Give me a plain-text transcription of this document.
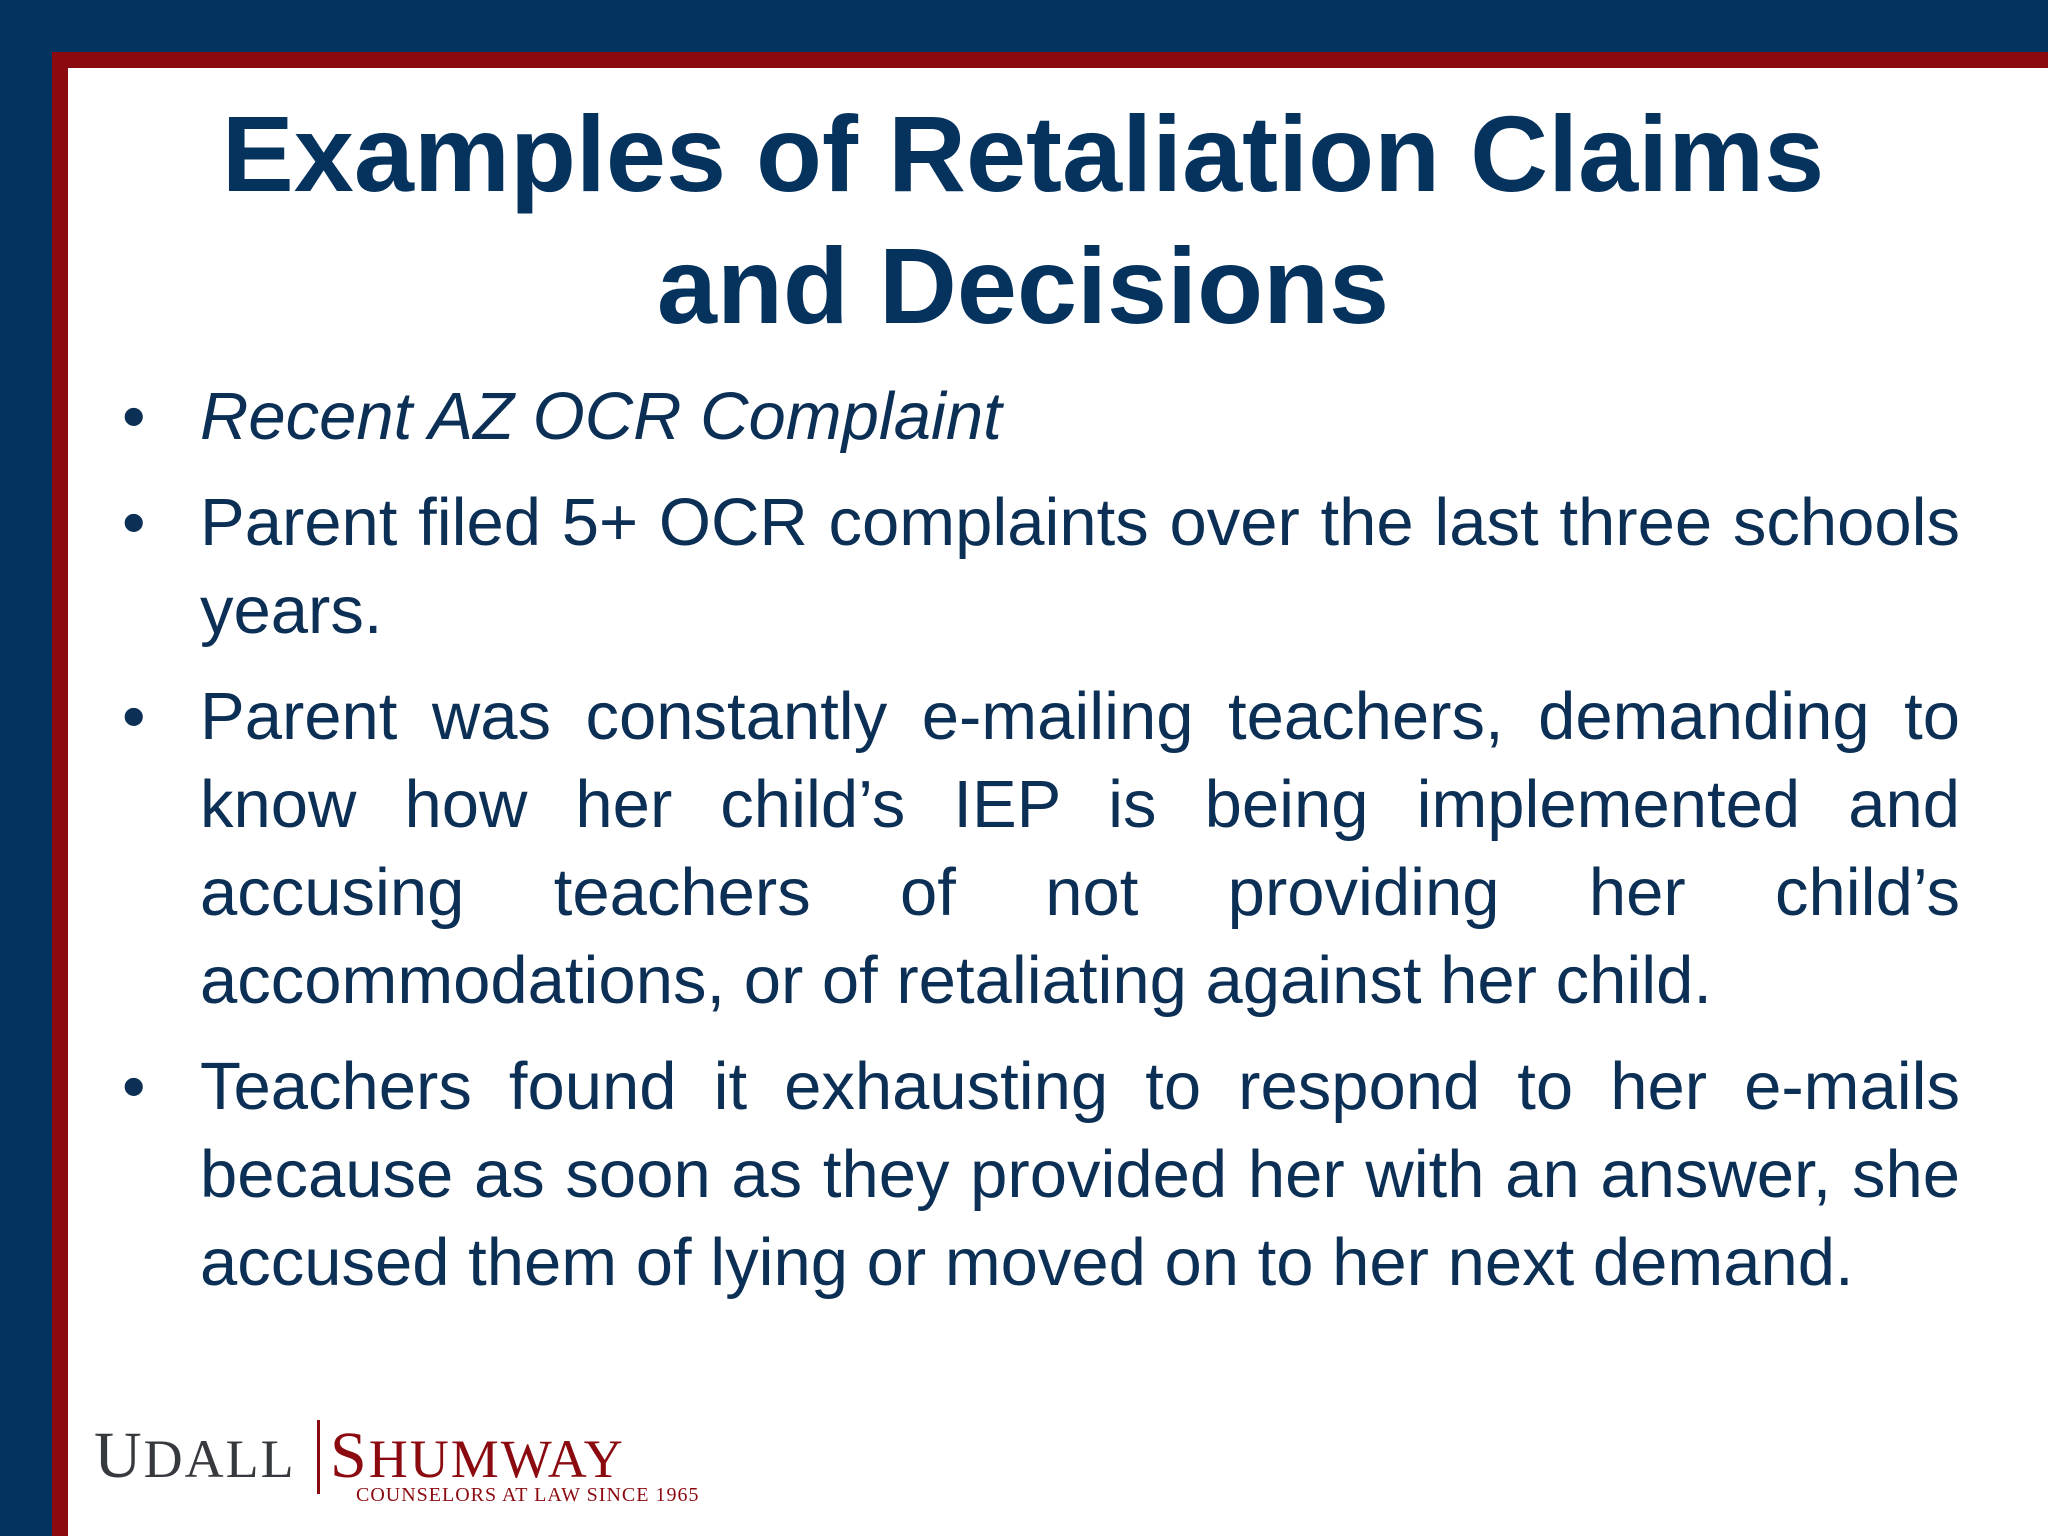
Examples of Retaliation Claims
and Decisions
• Recent AZ OCR Complaint
• Parent filed 5+ OCR complaints over the last three schools years.
• Parent was constantly e-mailing teachers, demanding to know how her child’s IEP is being implemented and accusing teachers of not providing her child’s accommodations, or of retaliating against her child.
• Teachers found it exhausting to respond to her e-mails because as soon as they provided her with an answer, she accused them of lying or moved on to her next demand.
UDALL SHUMWAY
COUNSELORS AT LAW SINCE 1965
